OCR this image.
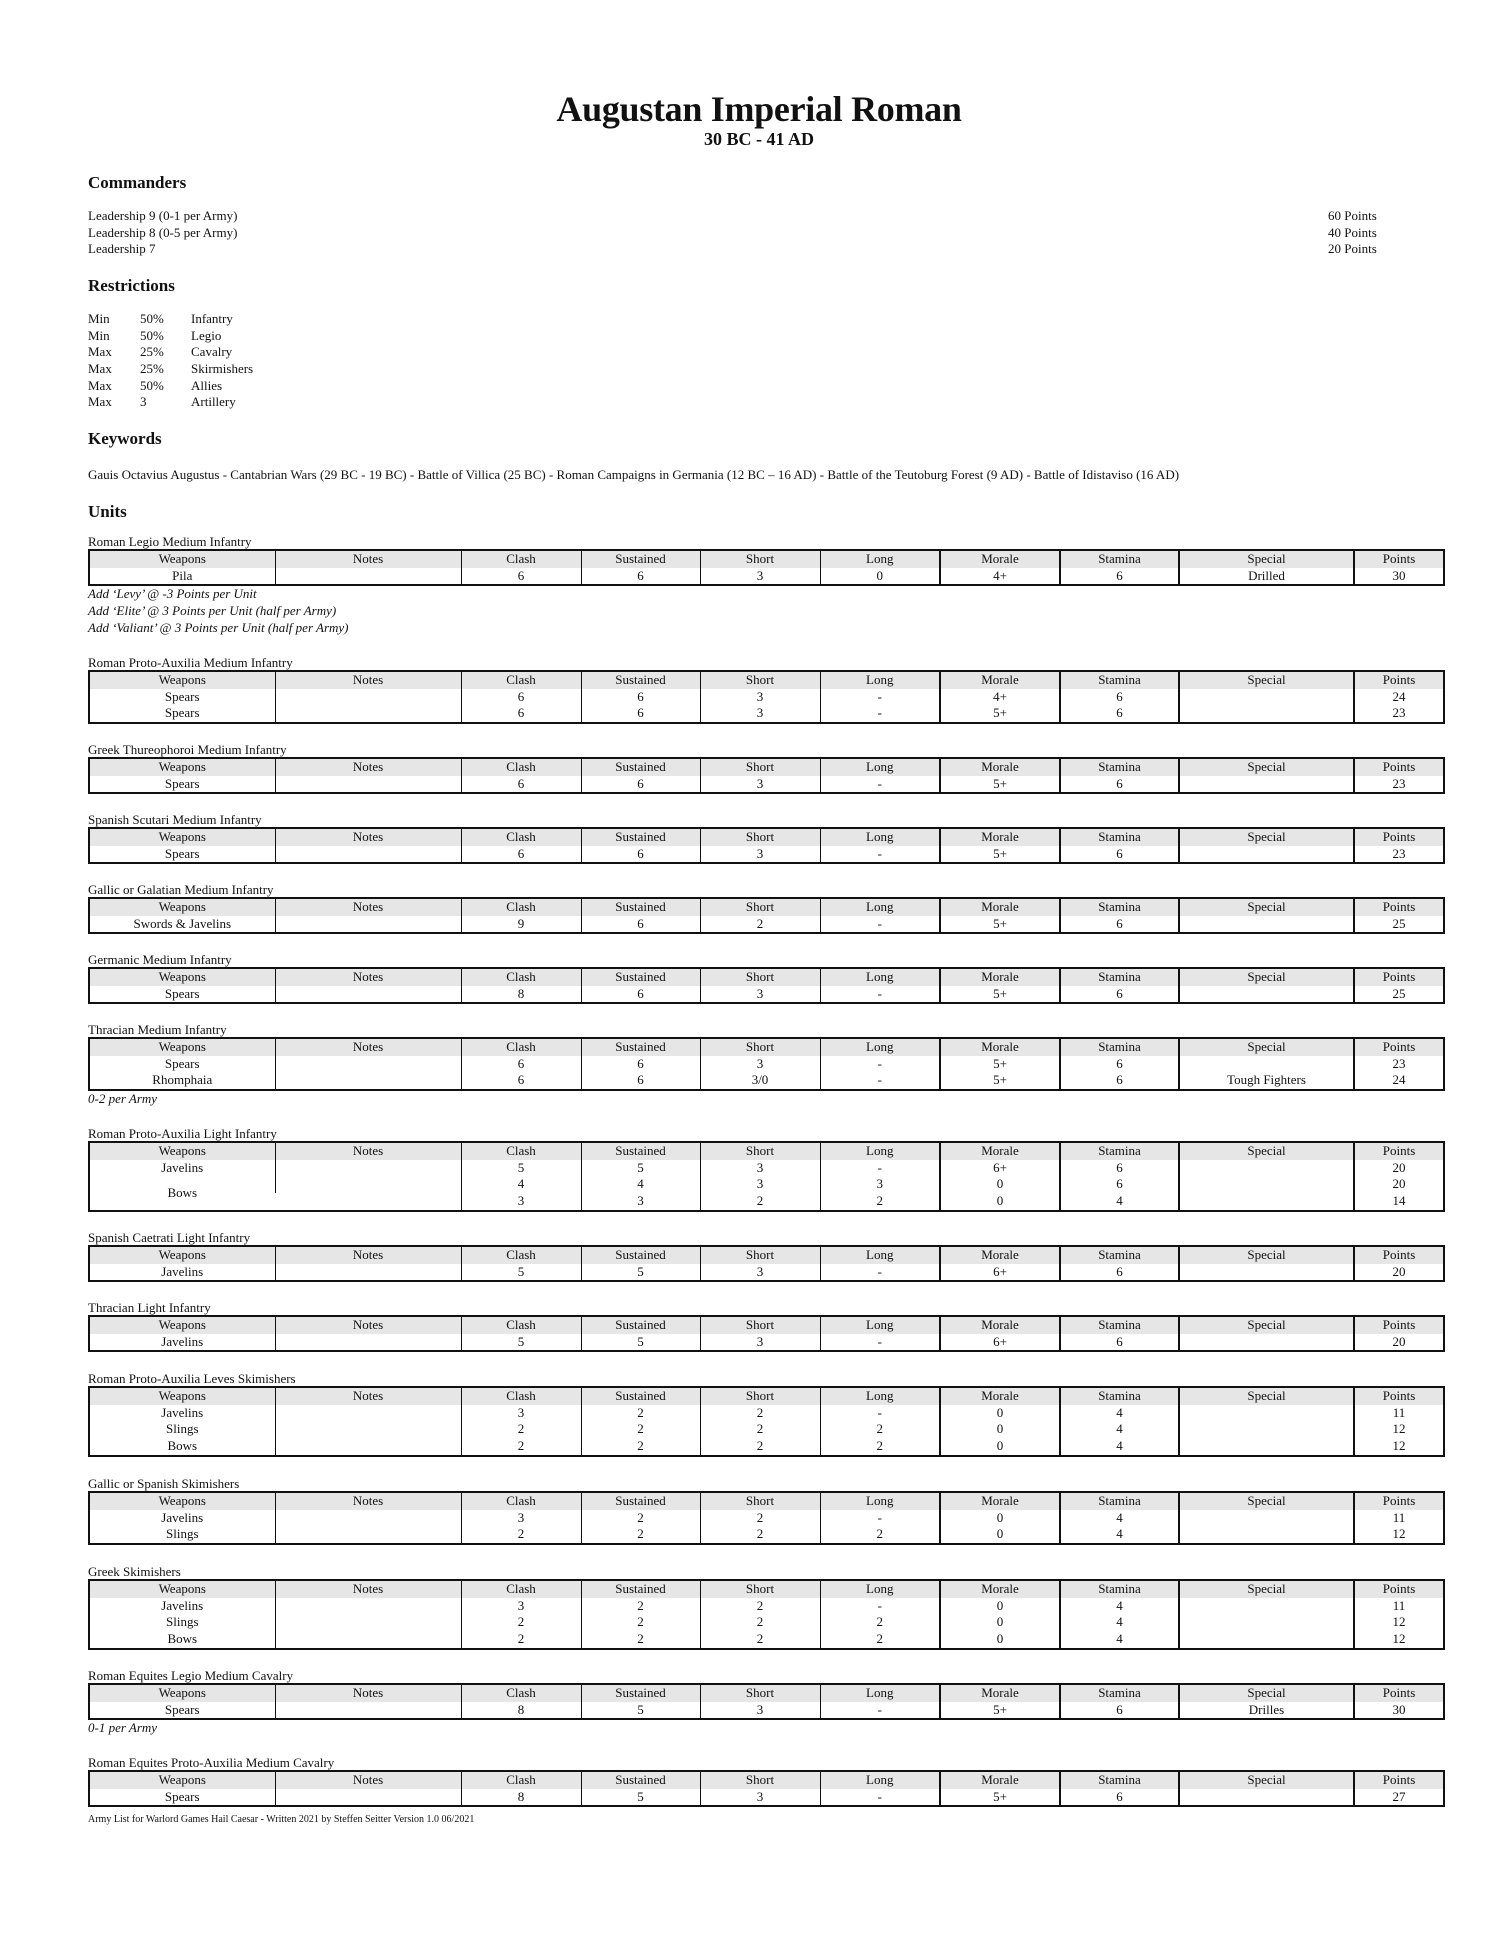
Augustan Imperial Roman
30 BC - 41 AD
Commanders
Leadership 9 (0-1 per Army)	60 Points
Leadership 8 (0-5 per Army)	40 Points
Leadership 7	20 Points
Restrictions
Min	50%	Infantry
Min	50%	Legio
Max	25%	Cavalry
Max	25%	Skirmishers
Max	50%	Allies
Max	3	Artillery
Keywords
Gauis Octavius Augustus - Cantabrian Wars (29 BC - 19 BC) - Battle of Villica (25 BC) - Roman Campaigns in Germania (12 BC – 16 AD) - Battle of the Teutoburg Forest (9 AD) - Battle of Idistaviso (16 AD)
Units
Roman Legio Medium Infantry
Weapons	Notes	Clash	Sustained	Short	Long	Morale	Stamina	Special	Points
Pila		6	6	3	0	4+	6	Drilled	30
Add ‘Levy’ @ -3 Points per Unit
Add ‘Elite’ @ 3 Points per Unit (half per Army)
Add ‘Valiant’ @ 3 Points per Unit (half per Army)
Roman Proto-Auxilia Medium Infantry
Weapons	Notes	Clash	Sustained	Short	Long	Morale	Stamina	Special	Points
Spears		6	6	3	-	4+	6		24
Spears		6	6	3	-	5+	6		23
Greek Thureophoroi Medium Infantry
Weapons	Notes	Clash	Sustained	Short	Long	Morale	Stamina	Special	Points
Spears		6	6	3	-	5+	6		23
Spanish Scutari Medium Infantry
Weapons	Notes	Clash	Sustained	Short	Long	Morale	Stamina	Special	Points
Spears		6	6	3	-	5+	6		23
Gallic or Galatian Medium Infantry
Weapons	Notes	Clash	Sustained	Short	Long	Morale	Stamina	Special	Points
Swords & Javelins		9	6	2	-	5+	6		25
Germanic Medium Infantry
Weapons	Notes	Clash	Sustained	Short	Long	Morale	Stamina	Special	Points
Spears		8	6	3	-	5+	6		25
Thracian Medium Infantry
Weapons	Notes	Clash	Sustained	Short	Long	Morale	Stamina	Special	Points
Spears		6	6	3	-	5+	6		23
Rhomphaia		6	6	3/0	-	5+	6	Tough Fighters	24
0-2 per Army
Roman Proto-Auxilia Light Infantry
Weapons	Notes	Clash	Sustained	Short	Long	Morale	Stamina	Special	Points
Javelins		5	5	3	-	6+	6		20
Bows		4	4	3	3	0	6		20
		3	3	2	2	0	4		14
Spanish Caetrati Light Infantry
Weapons	Notes	Clash	Sustained	Short	Long	Morale	Stamina	Special	Points
Javelins		5	5	3	-	6+	6		20
Thracian Light Infantry
Weapons	Notes	Clash	Sustained	Short	Long	Morale	Stamina	Special	Points
Javelins		5	5	3	-	6+	6		20
Roman Proto-Auxilia Leves Skimishers
Weapons	Notes	Clash	Sustained	Short	Long	Morale	Stamina	Special	Points
Javelins		3	2	2	-	0	4		11
Slings		2	2	2	2	0	4		12
Bows		2	2	2	2	0	4		12
Gallic or Spanish Skimishers
Weapons	Notes	Clash	Sustained	Short	Long	Morale	Stamina	Special	Points
Javelins		3	2	2	-	0	4		11
Slings		2	2	2	2	0	4		12
Greek Skimishers
Weapons	Notes	Clash	Sustained	Short	Long	Morale	Stamina	Special	Points
Javelins		3	2	2	-	0	4		11
Slings		2	2	2	2	0	4		12
Bows		2	2	2	2	0	4		12
Roman Equites Legio Medium Cavalry
Weapons	Notes	Clash	Sustained	Short	Long	Morale	Stamina	Special	Points
Spears		8	5	3	-	5+	6	Drilles	30
0-1 per Army
Roman Equites Proto-Auxilia Medium Cavalry
Weapons	Notes	Clash	Sustained	Short	Long	Morale	Stamina	Special	Points
Spears		8	5	3	-	5+	6		27
Army List for Warlord Games Hail Caesar - Written 2021 by Steffen Seitter Version 1.0 06/2021
